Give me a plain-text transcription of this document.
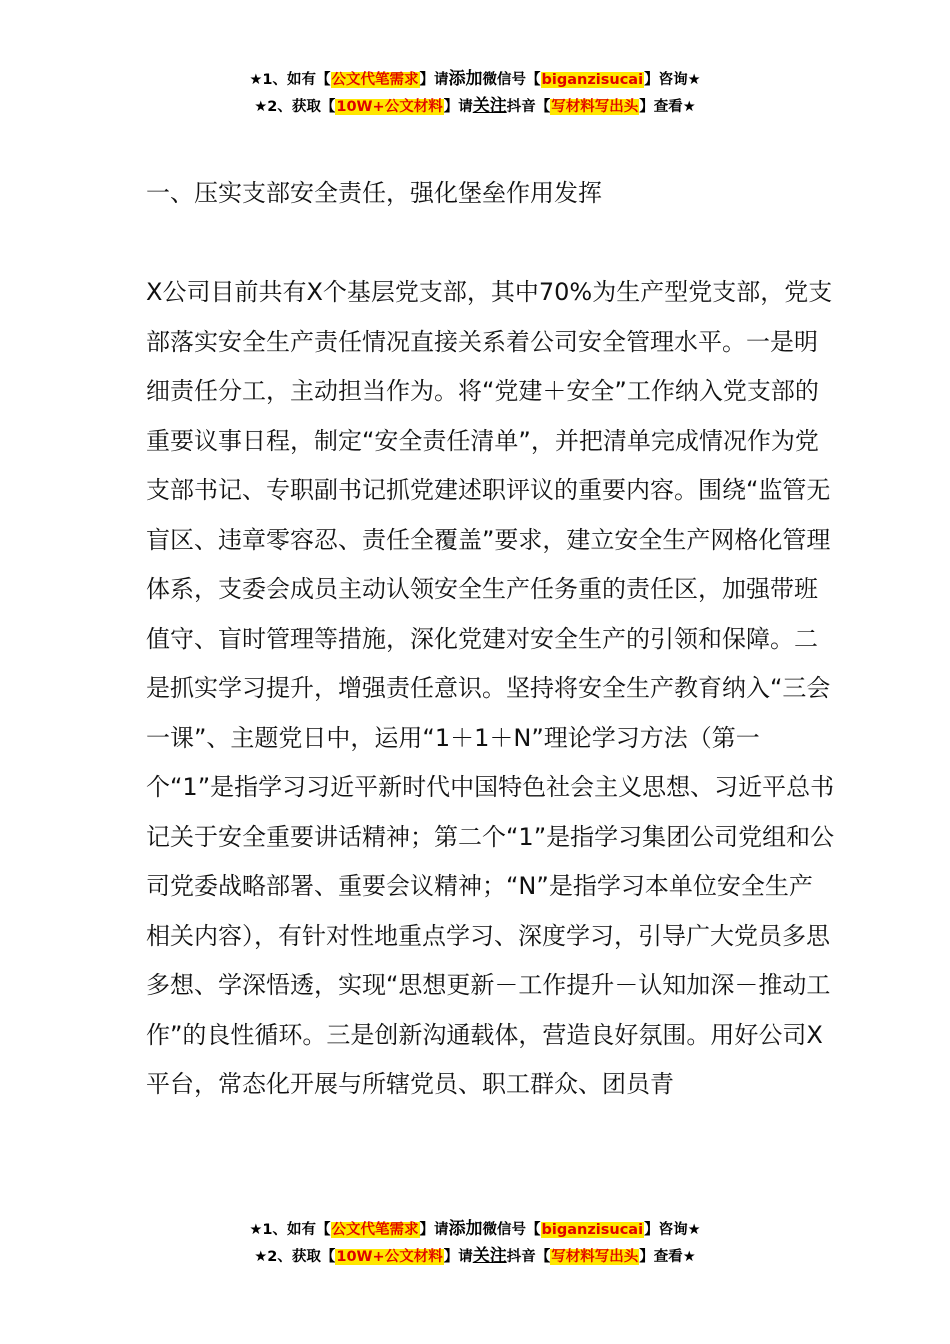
★1、如有【公文代笔需求】请添加微信号【biganzisucai】咨询★
★2、获取【10W+公文材料】请关注抖音【写材料写出头】查看★
一、压实支部安全责任，强化堡垒作用发挥
X公司目前共有X个基层党支部，其中70%为生产型党支部，党支部落实安全生产责任情况直接关系着公司安全管理水平。一是明细责任分工，主动担当作为。将“党建＋安全”工作纳入党支部的重要议事日程，制定“安全责任清单”，并把清单完成情况作为党支部书记、专职副书记抓党建述职评议的重要内容。围绕“监管无盲区、违章零容忍、责任全覆盖”要求，建立安全生产网格化管理体系，支委会成员主动认领安全生产任务重的责任区，加强带班值守、盲时管理等措施，深化党建对安全生产的引领和保障。二是抓实学习提升，增强责任意识。坚持将安全生产教育纳入“三会一课”、主题党日中，运用“1＋1＋N”理论学习方法（第一个“1”是指学习习近平新时代中国特色社会主义思想、习近平总书记关于安全重要讲话精神；第二个“1”是指学习集团公司党组和公司党委战略部署、重要会议精神；“N”是指学习本单位安全生产相关内容），有针对性地重点学习、深度学习，引导广大党员多思多想、学深悟透，实现“思想更新－工作提升－认知加深－推动工作”的良性循环。三是创新沟通载体，营造良好氛围。用好公司X平台，常态化开展与所辖党员、职工群众、团员青
★1、如有【公文代笔需求】请添加微信号【biganzisucai】咨询★
★2、获取【10W+公文材料】请关注抖音【写材料写出头】查看★
